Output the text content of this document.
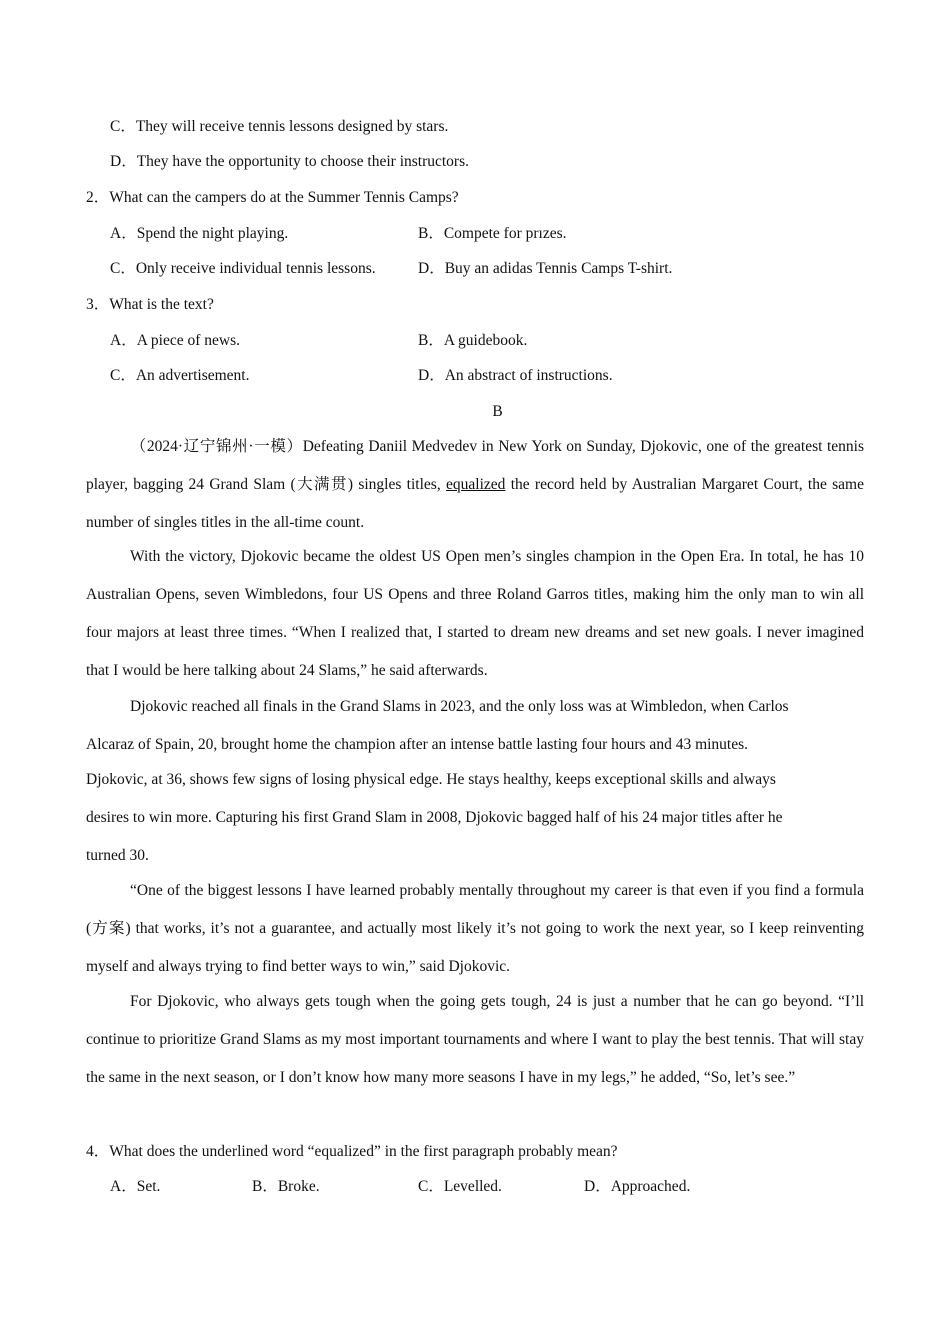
C．They will receive tennis lessons designed by stars.
D．They have the opportunity to choose their instructors.
2．What can the campers do at the Summer Tennis Camps?
A．Spend the night playing.	B．Compete for prızes.
C．Only receive individual tennis lessons.	D．Buy an adidas Tennis Camps T-shirt.
3．What is the text?
A．A piece of news.	B．A guidebook.
C．An advertisement.	D．An abstract of instructions.
B
（2024·辽宁锦州·一模）Defeating Daniil Medvedev in New York on Sunday, Djokovic, one of the greatest tennis player, bagging 24 Grand Slam (大满贯) singles titles, equalized the record held by Australian Margaret Court, the same number of singles titles in the all-time count.
With the victory, Djokovic became the oldest US Open men’s singles champion in the Open Era. In total, he has 10 Australian Opens, seven Wimbledons, four US Opens and three Roland Garros titles, making him the only man to win all four majors at least three times. “When I realized that, I started to dream new dreams and set new goals. I never imagined that I would be here talking about 24 Slams,” he said afterwards.
Djokovic reached all finals in the Grand Slams in 2023, and the only loss was at Wimbledon, when Carlos
Alcaraz of Spain, 20, brought home the champion after an intense battle lasting four hours and 43 minutes.
Djokovic, at 36, shows few signs of losing physical edge. He stays healthy, keeps exceptional skills and always
desires to win more. Capturing his first Grand Slam in 2008, Djokovic bagged half of his 24 major titles after he
turned 30.
“One of the biggest lessons I have learned probably mentally throughout my career is that even if you find a formula (方案) that works, it’s not a guarantee, and actually most likely it’s not going to work the next year, so I keep reinventing myself and always trying to find better ways to win,” said Djokovic.
For Djokovic, who always gets tough when the going gets tough, 24 is just a number that he can go beyond. “I’ll continue to prioritize Grand Slams as my most important tournaments and where I want to play the best tennis. That will stay the same in the next season, or I don’t know how many more seasons I have in my legs,” he added, “So, let’s see.”
4．What does the underlined word “equalized” in the first paragraph probably mean?
A．Set.	B．Broke.	C．Levelled.	D．Approached.
